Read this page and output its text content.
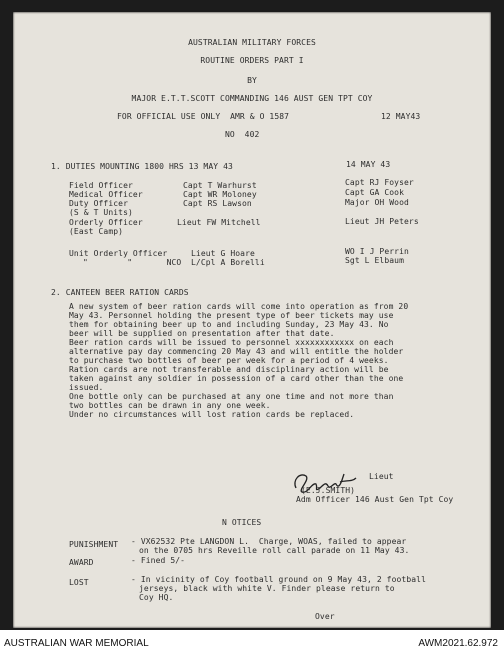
AUSTRALIAN MILITARY FORCES
ROUTINE ORDERS PART I
BY
MAJOR E.T.T.SCOTT COMMANDING 146 AUST GEN TPT COY
FOR OFFICIAL USE ONLY  AMR & O 1587	12 MAY43
NO  402
1. DUTIES MOUNTING 1800 HRS 13 MAY 43	14 MAY 43
Field Officer	Capt T Warhurst	Capt RJ Foyser
Medical Officer	Capt WR Moloney	Capt GA Cook
Duty Officer	Capt RS Lawson	Major OH Wood
(S & T Units)
Orderly Officer	Lieut FW Mitchell	Lieut JH Peters
(East Camp)
Unit Orderly Officer	Lieut G Hoare	WO I J Perrin
"        "       NCO L/Cpl A Borelli	Sgt L Elbaum
2. CANTEEN BEER RATION CARDS
A new system of beer ration cards will come into operation as from 20
May 43. Personnel holding the present type of beer tickets may use
them for obtaining beer up to and including Sunday, 23 May 43. No
beer will be supplied on presentation after that date.
Beer ration cards will be issued to personnel xxxxxxxxxxxx on each
alternative pay day commencing 20 May 43 and will entitle the holder
to purchase two bottles of beer per week for a period of 4 weeks.
Ration cards are not transferable and disciplinary action will be
taken against any soldier in possession of a card other than the one
issued.
One bottle only can be purchased at any one time and not more than
two bottles can be drawn in any one week.
Under no circumstances will lost ration cards be replaced.
Lieut
(E.J.SMITH)
Adm Officer 146 Aust Gen Tpt Coy
N OTICES
PUNISHMENT - VX62532 Pte LANGDON L.  Charge, WOAS, failed to appear
on the 0705 hrs Reveille roll call parade on 11 May 43.
AWARD	- Fined 5/-
LOST	- In vicinity of Coy football ground on 9 May 43, 2 football
jerseys, black with white V. Finder please return to
Coy HQ.
Over
AUSTRALIAN WAR MEMORIAL	AWM2021.62.972
